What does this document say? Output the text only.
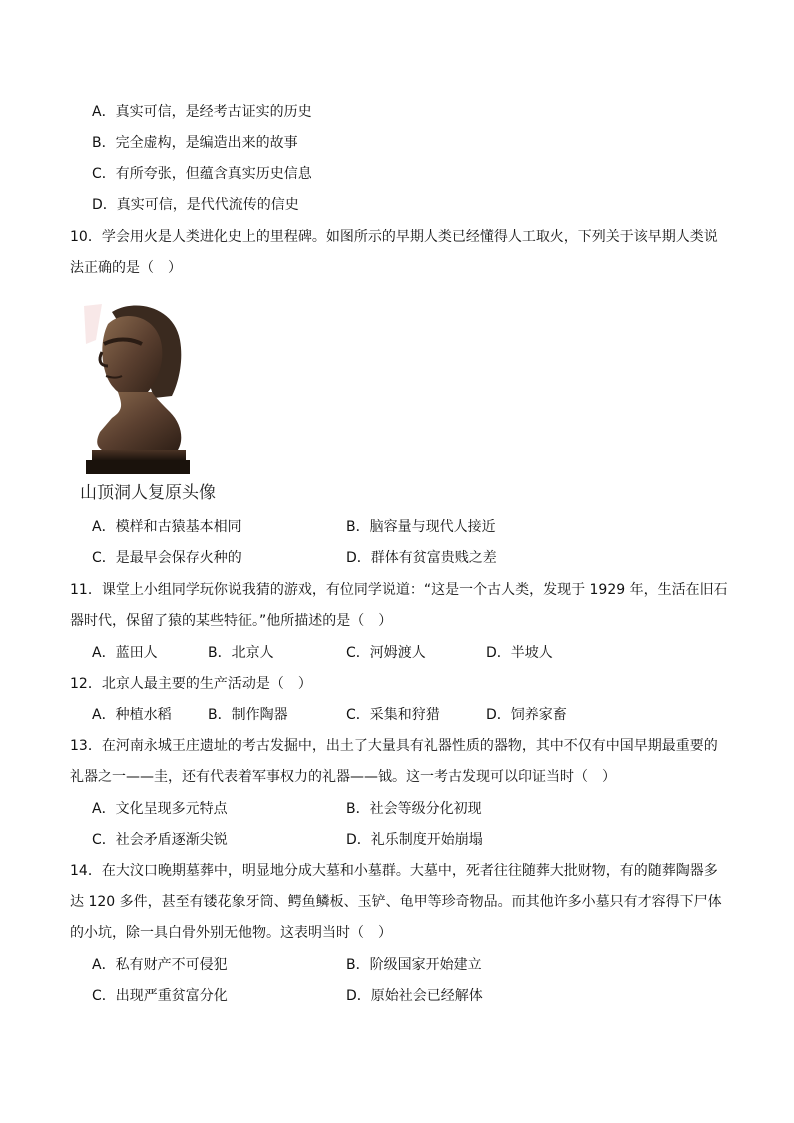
A．真实可信，是经考古证实的历史
B．完全虚构，是编造出来的故事
C．有所夸张，但蕴含真实历史信息
D．真实可信，是代代流传的信史
10．学会用火是人类进化史上的里程碑。如图所示的早期人类已经懂得人工取火，下列关于该早期人类说
法正确的是（　）
山顶洞人复原头像
A．模样和古猿基本相同	B．脑容量与现代人接近
C．是最早会保存火种的	D．群体有贫富贵贱之差
11．课堂上小组同学玩你说我猜的游戏，有位同学说道：“这是一个古人类，发现于 1929 年，生活在旧石
器时代，保留了猿的某些特征。”他所描述的是（　）
A．蓝田人	B．北京人	C．河姆渡人	D．半坡人
12．北京人最主要的生产活动是（　）
A．种植水稻	B．制作陶器	C．采集和狩猎	D．饲养家畜
13．在河南永城王庄遗址的考古发掘中，出土了大量具有礼器性质的器物，其中不仅有中国早期最重要的
礼器之一——圭，还有代表着军事权力的礼器——钺。这一考古发现可以印证当时（　）
A．文化呈现多元特点	B．社会等级分化初现
C．社会矛盾逐渐尖锐	D．礼乐制度开始崩塌
14．在大汶口晚期墓葬中，明显地分成大墓和小墓群。大墓中，死者往往随葬大批财物，有的随葬陶器多
达 120 多件，甚至有镂花象牙筒、鳄鱼鳞板、玉铲、龟甲等珍奇物品。而其他许多小墓只有才容得下尸体
的小坑，除一具白骨外别无他物。这表明当时（　）
A．私有财产不可侵犯	B．阶级国家开始建立
C．出现严重贫富分化	D．原始社会已经解体
